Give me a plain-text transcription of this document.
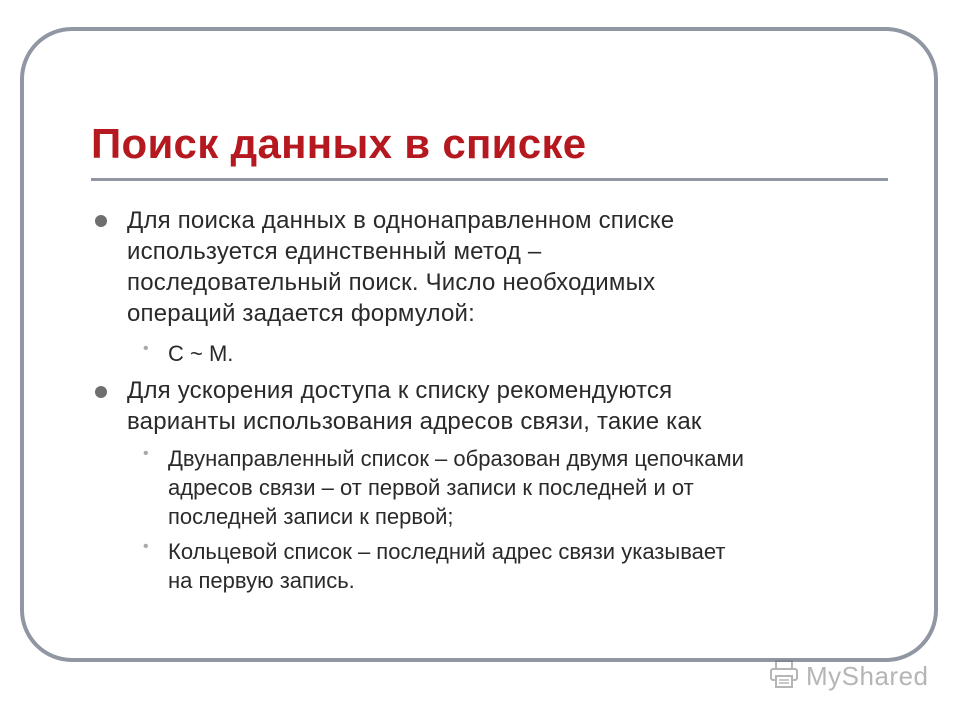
Поиск данных в списке
Для поиска данных в однонаправленном списке
используется единственный метод –
последовательный поиск. Число необходимых
операций задается формулой:
• С ~ М.
Для ускорения доступа к списку рекомендуются
варианты использования адресов связи, такие как
• Двунаправленный список – образован двумя цепочками
адресов связи – от первой записи к последней и от
последней записи к первой;
• Кольцевой список – последний адрес связи указывает
на первую запись.
MyShared
